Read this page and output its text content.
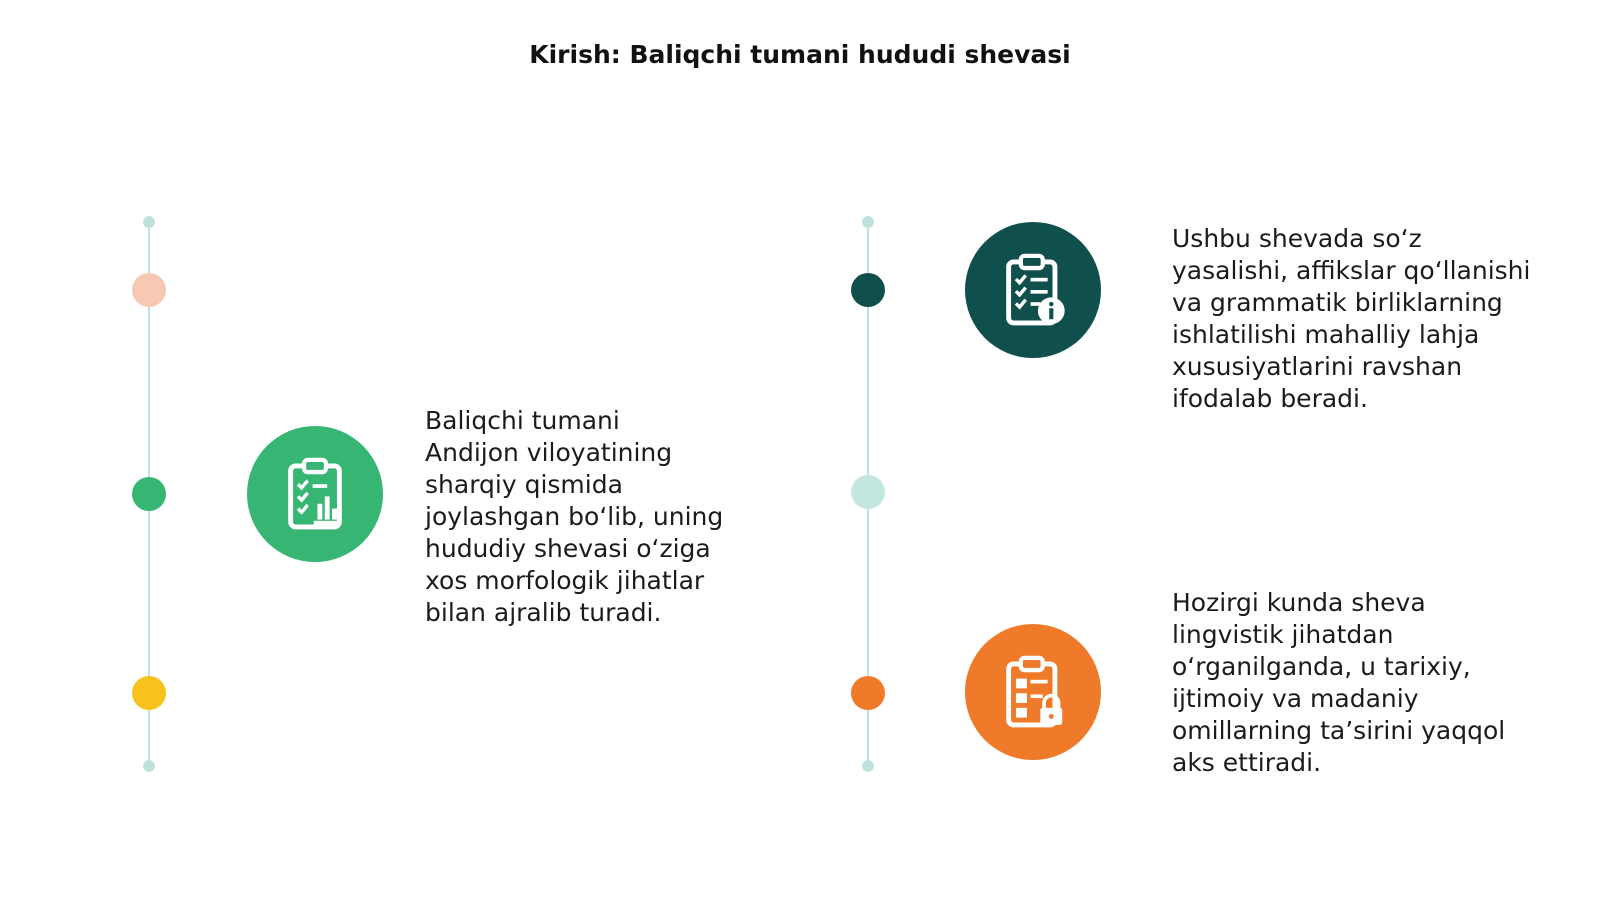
Kirish: Baliqchi tumani hududi shevasi
Baliqchi tumani
Andijon viloyatining
sharqiy qismida
joylashgan bo‘lib, uning
hududiy shevasi o‘ziga
xos morfologik jihatlar
bilan ajralib turadi.
Ushbu shevada so‘z
yasalishi, affikslar qo‘llanishi
va grammatik birliklarning
ishlatilishi mahalliy lahja
xususiyatlarini ravshan
ifodalab beradi.
Hozirgi kunda sheva
lingvistik jihatdan
o‘rganilganda, u tarixiy,
ijtimoiy va madaniy
omillarning ta’sirini yaqqol
aks ettiradi.
